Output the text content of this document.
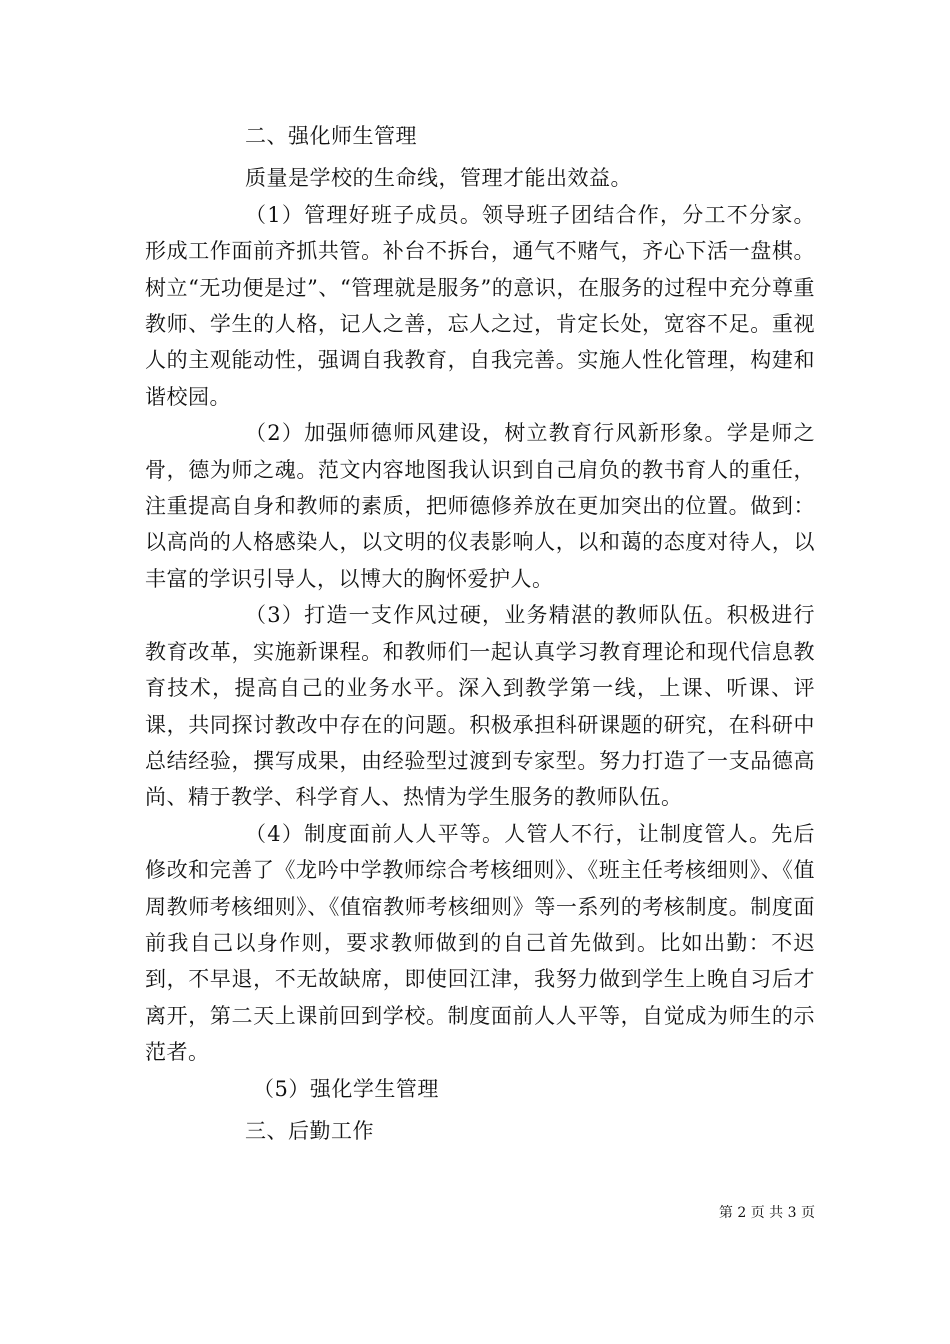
二、强化师生管理

质量是学校的生命线，管理才能出效益。

（1）管理好班子成员。领导班子团结合作，分工不分家。形成工作面前齐抓共管。补台不拆台，通气不赌气，齐心下活一盘棋。树立“无功便是过”、“管理就是服务”的意识，在服务的过程中充分尊重教师、学生的人格，记人之善，忘人之过，肯定长处，宽容不足。重视人的主观能动性，强调自我教育，自我完善。实施人性化管理，构建和谐校园。

（2）加强师德师风建设，树立教育行风新形象。学是师之骨，德为师之魂。范文内容地图我认识到自己肩负的教书育人的重任，注重提高自身和教师的素质，把师德修养放在更加突出的位置。做到：以高尚的人格感染人，以文明的仪表影响人，以和蔼的态度对待人，以丰富的学识引导人，以博大的胸怀爱护人。

（3）打造一支作风过硬，业务精湛的教师队伍。积极进行教育改革，实施新课程。和教师们一起认真学习教育理论和现代信息教育技术，提高自己的业务水平。深入到教学第一线，上课、听课、评课，共同探讨教改中存在的问题。积极承担科研课题的研究，在科研中总结经验，撰写成果，由经验型过渡到专家型。努力打造了一支品德高尚、精于教学、科学育人、热情为学生服务的教师队伍。

（4）制度面前人人平等。人管人不行，让制度管人。先后修改和完善了《龙吟中学教师综合考核细则》、《班主任考核细则》、《值周教师考核细则》、《值宿教师考核细则》等一系列的考核制度。制度面前我自己以身作则，要求教师做到的自己首先做到。比如出勤：不迟到，不早退，不无故缺席，即使回江津，我努力做到学生上晚自习后才离开，第二天上课前回到学校。制度面前人人平等，自觉成为师生的示范者。

（5）强化学生管理

三、后勤工作

第 2 页 共 3 页
